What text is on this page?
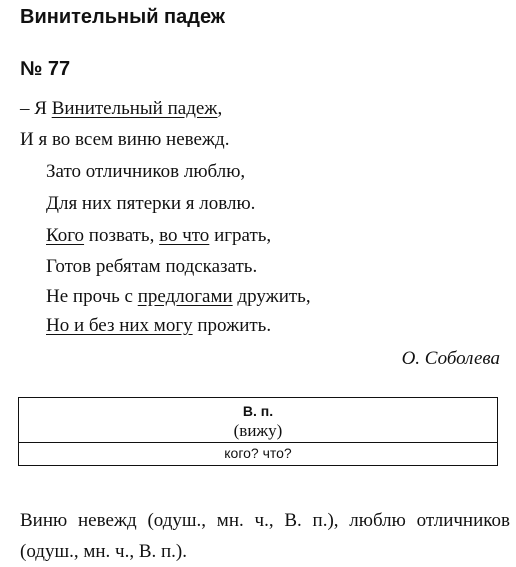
Винительный падеж
№ 77
– Я Винительный падеж,
И я во всем виню невежд.
Зато отличников люблю,
Для них пятерки я ловлю.
Кого позвать, во что играть,
Готов ребятам подсказать.
Не прочь с предлогами дружить,
Но и без них могу прожить.
О. Соболева
В. п.
(вижу)
кого? что?
Виню невежд (одуш., мн. ч., В. п.), люблю отличников (одуш., мн. ч., В. п.).
